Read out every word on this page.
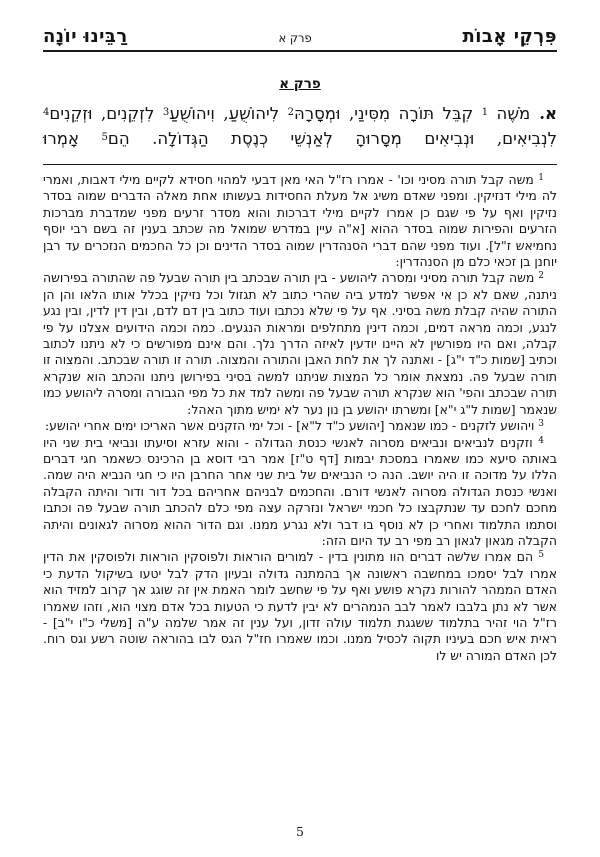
פִּרְקֵי אָבוֹת
פרק א
רַבֵּינוּ יוֹנָה
פרק א

א. מֹשֶׁה $^1$ קִבֵּל תּוֹרָה מִסִּינַי, וּמְסָרָהּ$^2$ לִיהוֹשֻׁעַ, וִיהוֹשֻׁעַ$^3$ לִזְקֵנִים, וּזְקֵנִים$^4$ לִנְבִיאִים, וּנְבִיאִים מְסָרוּהָ לְאַנְשֵׁי כְנֶסֶת הַגְּדוֹלָה. הֵם$^5$ אָמְרוּ

$^1$ משה קבל תורה מסיני וכו' - אמרו רז"ל האי מאן דבעי למהוי חסידא לקיים מילי דאבות, ואמרי לה מילי דנזיקין. ומפני שאדם משיג אל מעלת החסידות בעשותו אחת מאלה הדברים שמוה בסדר נזיקין ואף על פי שגם כן אמרו לקיים מילי דברכות והוא מסדר זרעים מפני שמדברת מברכות הזרעים והפירות שמוה בסדר ההוא [א"ה עיין במדרש שמואל מה שכתב בענין זה בשם רבי יוסף נחמיאש ז"ל]. ועוד מפני שהם דברי הסנהדרין שמוה בסדר הדינים וכן כל החכמים הנזכרים עד רבן יוחנן בן זכאי כלם מן הסנהדרין:

$^2$ משה קבל תורה מסיני ומסרה ליהושע - בין תורה שבכתב בין תורה שבעל פה שהתורה בפירושה ניתנה, שאם לא כן אי אפשר למדע ביה שהרי כתוב לא תגזול וכל נזיקין בכלל אותו הלאו והן הן התורה שהיה קבלת משה בסיני. אף על פי שלא נכתבו ועוד כתוב בין דם לדם, ובין דין לדין, ובין נגע לנגע, וכמה מראה דמים, וכמה דינין מתחלפים ומראות הנגעים. כמה וכמה הידועים אצלנו על פי קבלה, ואם היו מפורשין לא היינו יודעין לאיזה הדרך נלך. והם אינם מפורשים כי לא ניתנו לכתוב וכתיב [שמות כ"ד י"ג] - ואתנה לך את לחת האבן והתורה והמצוה. תורה זו תורה שבכתב. והמצוה זו תורה שבעל פה. נמצאת אומר כל המצות שניתנו למשה בסיני בפירושן ניתנו והכתב הוא שנקרא תורה שבכתב והפי' הוא שנקרא תורה שבעל פה ומשה למד את כל מפי הגבורה ומסרה ליהושע כמו שנאמר [שמות ל"ג י"א] ומשרתו יהושע בן נון נער לא ימיש מתוך האהל:

$^3$ ויהושע לזקנים - כמו שנאמר [יהושע כ"ד ל"א] - וכל ימי הזקנים אשר האריכו ימים אחרי יהושע:

$^4$ וזקנים לנביאים ונביאים מסרוה לאנשי כנסת הגדולה - והוא עזרא וסיעתו ונביאי בית שני היו באותה סיעא כמו שאמרו במסכת יבמות [דף ט"ז] אמר רבי דוסא בן הרכינס כשאמר חגי דברים הללו על מדוכה זו היה יושב. הנה כי הנביאים של בית שני אחר החרבן היו כי חגי הנביא היה שמה. ואנשי כנסת הגדולה מסרוה לאנשי דורם. והחכמים לבניהם אחריהם בכל דור ודור והיתה הקבלה מחכם לחכם עד שנתקבצו כל חכמי ישראל ונזרקה עצה מפי כלם להכתב תורה שבעל פה וכתבו וסתמו התלמוד ואחרי כן לא נוסף בו דבר ולא נגרע ממנו. וגם הדור ההוא מסרוה לגאונים והיתה הקבלה מגאון לגאון רב מפי רב עד היום הזה:

$^5$ הם אמרו שלשה דברים הוו מתונין בדין - למורים הוראות ולפוסקין הוראות ולפוסקין את הדין אמרו לבל יסמכו במחשבה ראשונה אך בהמתנה גדולה ובעיון הדק לבל יטעו בשיקול הדעת כי האדם הממהר להורות נקרא פושע ואף על פי שחשב לומר האמת אין זה שוגג אך קרוב למזיד הוא אשר לא נתן בלבבו לאמר לבב הנמהרים לא יבין לדעת כי הטעות בכל אדם מצוי הוא, וזהו שאמרו רז"ל הוי זהיר בתלמוד ששגגת תלמוד עולה זדון, ועל ענין זה אמר שלמה ע"ה [משלי כ"ו י"ב] - ראית איש חכם בעיניו תקוה לכסיל ממנו. וכמו שאמרו חז"ל הגס לבו בהוראה שוטה רשע וגס רוח. לכן האדם המורה יש לו

5
